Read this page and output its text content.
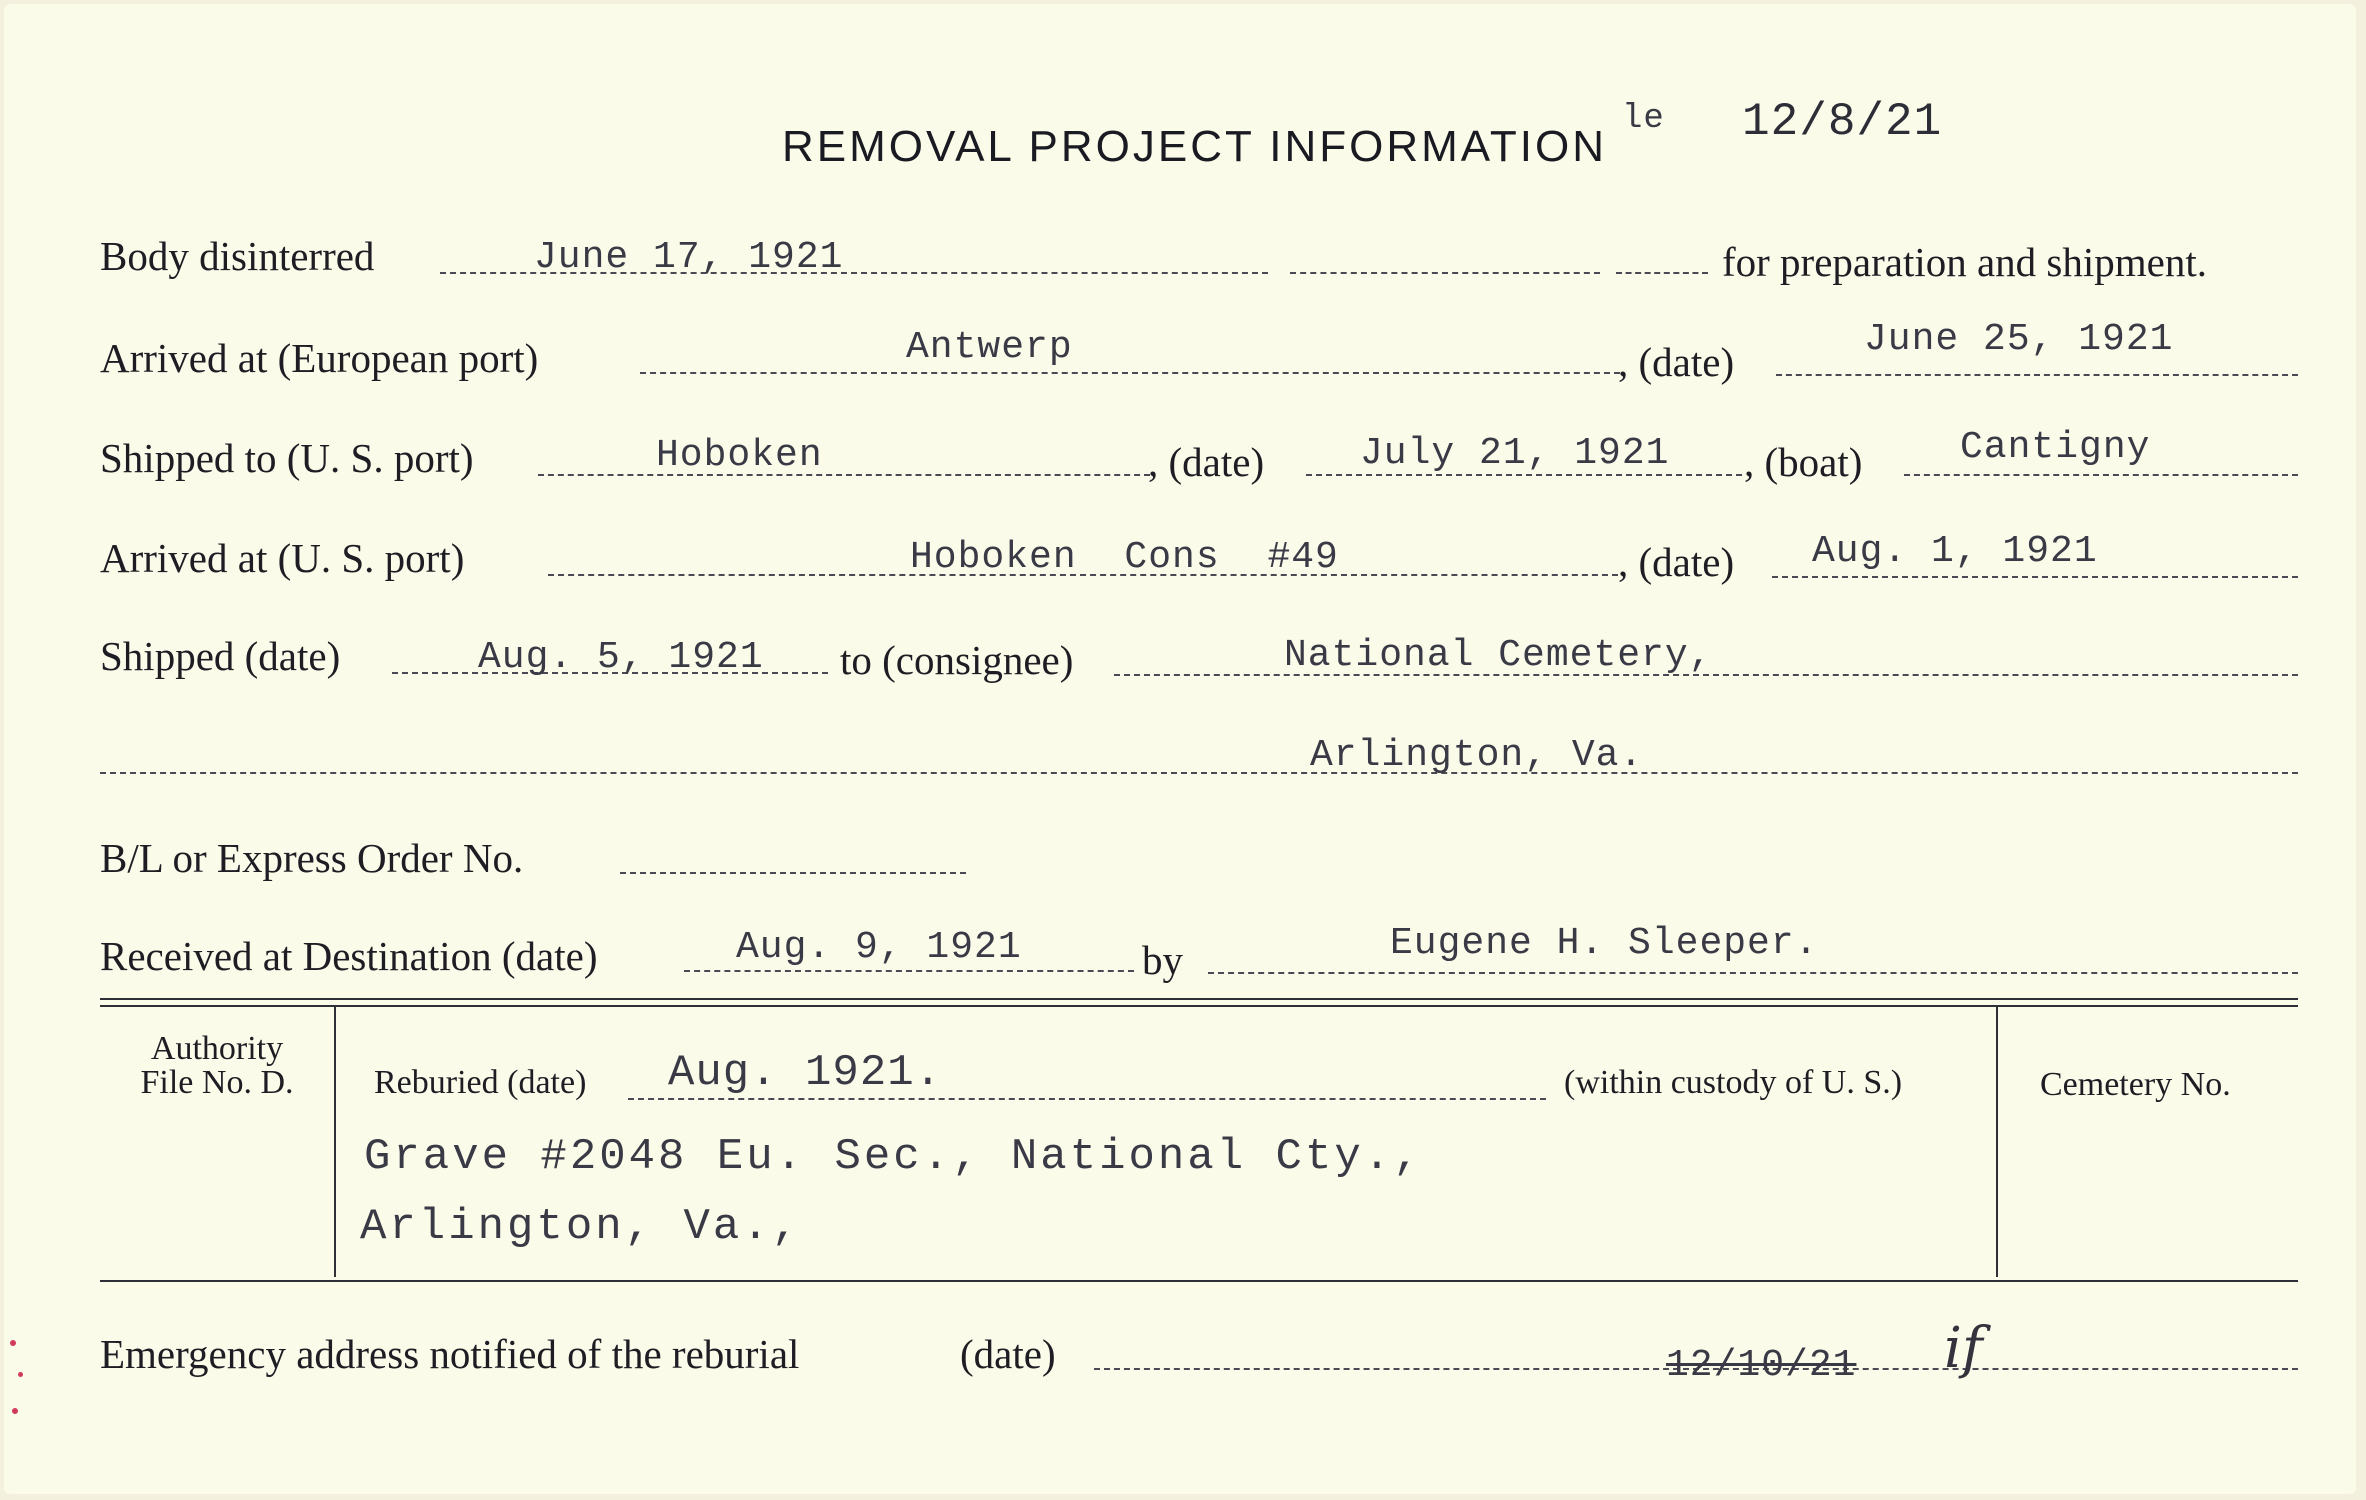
REMOVAL PROJECT INFORMATION
le 12/8/21
Body disinterred	June 17, 1921	for preparation and shipment.
Arrived at (European port)	Antwerp	, (date)	June 25, 1921
Shipped to (U. S. port)	Hoboken	, (date)	July 21, 1921 , (boat)	Cantigny
Arrived at (U. S. port)	Hoboken Cons #49	, (date) Aug. 1, 1921
Shipped (date)	Aug. 5, 1921 to (consignee)	National Cemetery,
Arlington, Va.
B/L or Express Order No.
Received at Destination (date)	Aug. 9, 1921	by	Eugene H. Sleeper.
Authority
File No. D.	Reburied (date) Aug. 1921.	(within custody of U. S.)	Cemetery No.
Grave #2048 Eu. Sec., National Cty.,
Arlington, Va.,
Emergency address notified of the reburial	(date)	12/10/21 if
